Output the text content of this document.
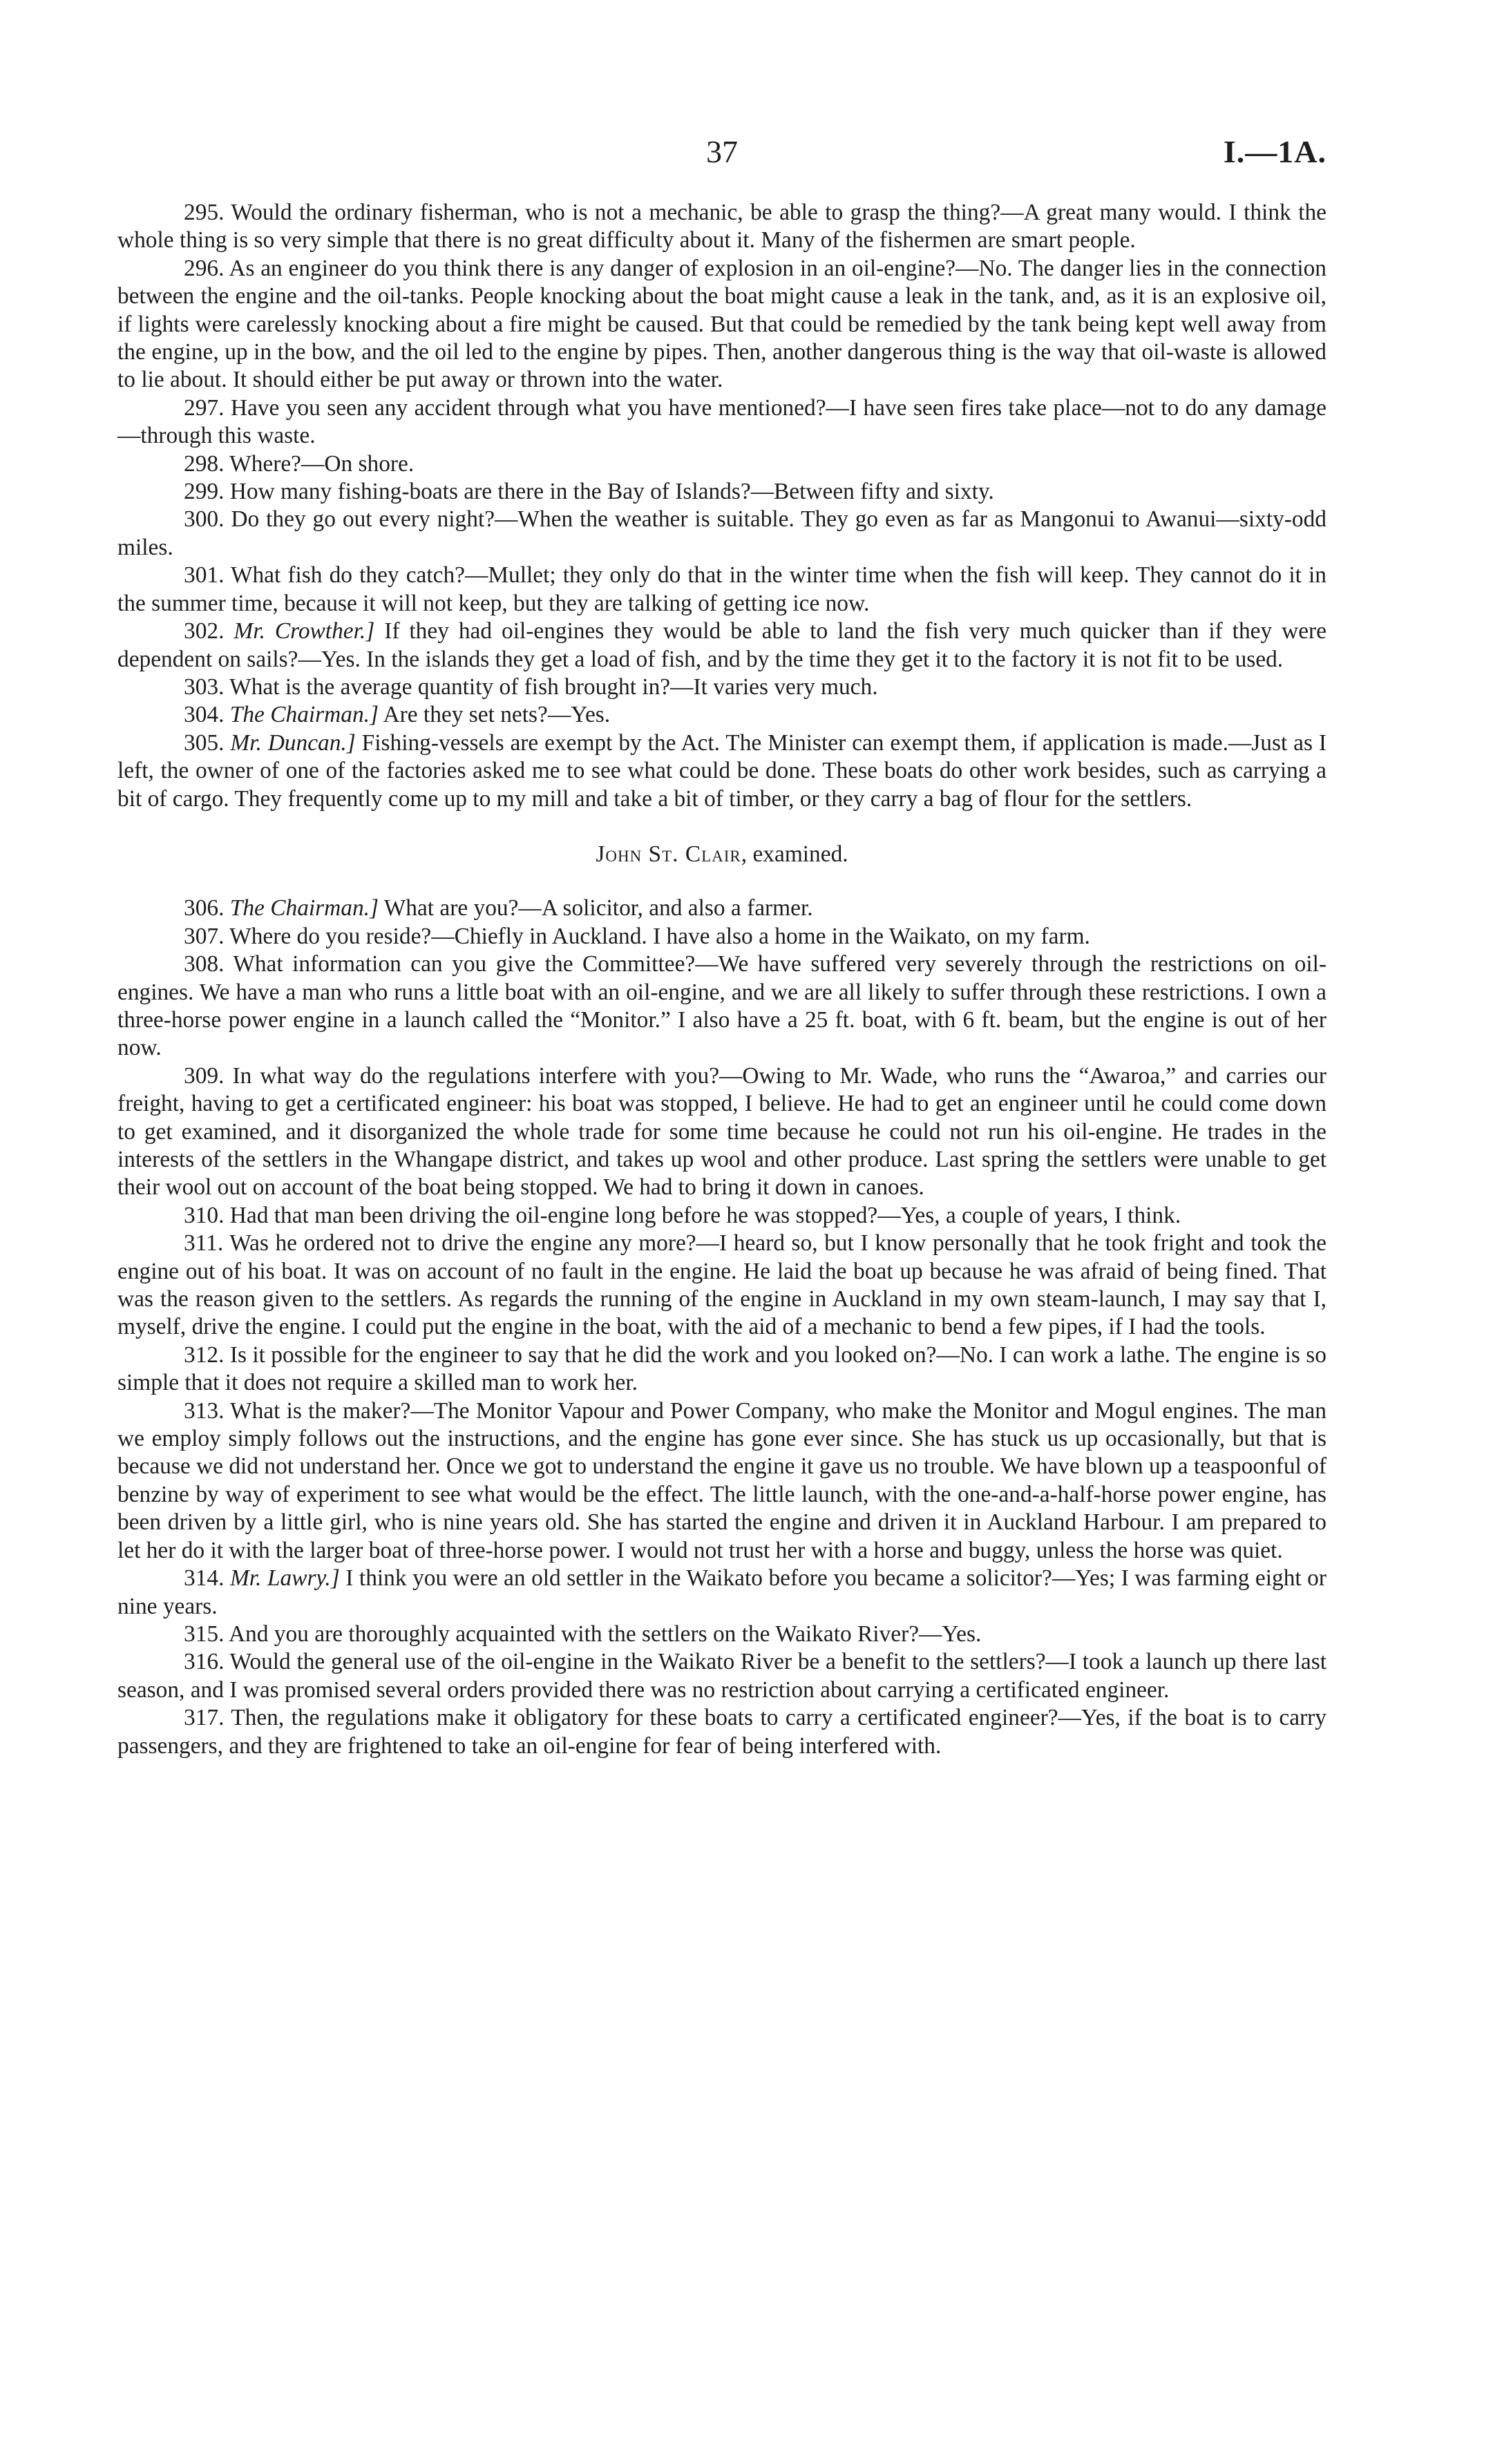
37	I.—1A.

295. Would the ordinary fisherman, who is not a mechanic, be able to grasp the thing?—A great many would. I think the whole thing is so very simple that there is no great difficulty about it. Many of the fishermen are smart people.

296. As an engineer do you think there is any danger of explosion in an oil-engine?—No. The danger lies in the connection between the engine and the oil-tanks. People knocking about the boat might cause a leak in the tank, and, as it is an explosive oil, if lights were carelessly knocking about a fire might be caused. But that could be remedied by the tank being kept well away from the engine, up in the bow, and the oil led to the engine by pipes. Then, another dangerous thing is the way that oil-waste is allowed to lie about. It should either be put away or thrown into the water.

297. Have you seen any accident through what you have mentioned?—I have seen fires take place—not to do any damage—through this waste.

298. Where?—On shore.

299. How many fishing-boats are there in the Bay of Islands?—Between fifty and sixty.

300. Do they go out every night?—When the weather is suitable. They go even as far as Mangonui to Awanui—sixty-odd miles.

301. What fish do they catch?—Mullet; they only do that in the winter time when the fish will keep. They cannot do it in the summer time, because it will not keep, but they are talking of getting ice now.

302. Mr. Crowther.] If they had oil-engines they would be able to land the fish very much quicker than if they were dependent on sails?—Yes. In the islands they get a load of fish, and by the time they get it to the factory it is not fit to be used.

303. What is the average quantity of fish brought in?—It varies very much.

304. The Chairman.] Are they set nets?—Yes.

305. Mr. Duncan.] Fishing-vessels are exempt by the Act. The Minister can exempt them, if application is made.—Just as I left, the owner of one of the factories asked me to see what could be done. These boats do other work besides, such as carrying a bit of cargo. They frequently come up to my mill and take a bit of timber, or they carry a bag of flour for the settlers.

John St. Clair, examined.

306. The Chairman.] What are you?—A solicitor, and also a farmer.

307. Where do you reside?—Chiefly in Auckland. I have also a home in the Waikato, on my farm.

308. What information can you give the Committee?—We have suffered very severely through the restrictions on oil-engines. We have a man who runs a little boat with an oil-engine, and we are all likely to suffer through these restrictions. I own a three-horse power engine in a launch called the “Monitor.” I also have a 25 ft. boat, with 6 ft. beam, but the engine is out of her now.

309. In what way do the regulations interfere with you?—Owing to Mr. Wade, who runs the “Awaroa,” and carries our freight, having to get a certificated engineer: his boat was stopped, I believe. He had to get an engineer until he could come down to get examined, and it disorganized the whole trade for some time because he could not run his oil-engine. He trades in the interests of the settlers in the Whangape district, and takes up wool and other produce. Last spring the settlers were unable to get their wool out on account of the boat being stopped. We had to bring it down in canoes.

310. Had that man been driving the oil-engine long before he was stopped?—Yes, a couple of years, I think.

311. Was he ordered not to drive the engine any more?—I heard so, but I know personally that he took fright and took the engine out of his boat. It was on account of no fault in the engine. He laid the boat up because he was afraid of being fined. That was the reason given to the settlers. As regards the running of the engine in Auckland in my own steam-launch, I may say that I, myself, drive the engine. I could put the engine in the boat, with the aid of a mechanic to bend a few pipes, if I had the tools.

312. Is it possible for the engineer to say that he did the work and you looked on?—No. I can work a lathe. The engine is so simple that it does not require a skilled man to work her.

313. What is the maker?—The Monitor Vapour and Power Company, who make the Monitor and Mogul engines. The man we employ simply follows out the instructions, and the engine has gone ever since. She has stuck us up occasionally, but that is because we did not understand her. Once we got to understand the engine it gave us no trouble. We have blown up a teaspoonful of benzine by way of experiment to see what would be the effect. The little launch, with the one-and-a-half-horse power engine, has been driven by a little girl, who is nine years old. She has started the engine and driven it in Auckland Harbour. I am prepared to let her do it with the larger boat of three-horse power. I would not trust her with a horse and buggy, unless the horse was quiet.

314. Mr. Lawry.] I think you were an old settler in the Waikato before you became a solicitor?—Yes; I was farming eight or nine years.

315. And you are thoroughly acquainted with the settlers on the Waikato River?—Yes.

316. Would the general use of the oil-engine in the Waikato River be a benefit to the settlers?—I took a launch up there last season, and I was promised several orders provided there was no restriction about carrying a certificated engineer.

317. Then, the regulations make it obligatory for these boats to carry a certificated engineer?—Yes, if the boat is to carry passengers, and they are frightened to take an oil-engine for fear of being interfered with.
